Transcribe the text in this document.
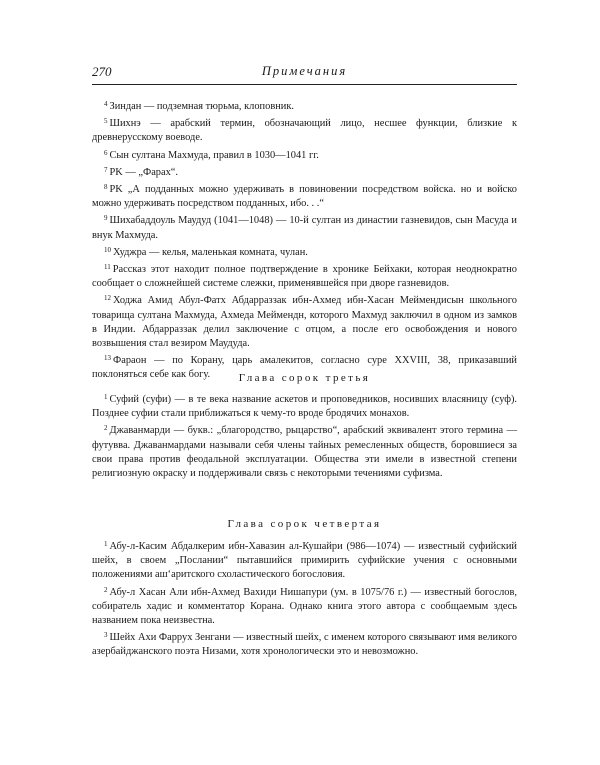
270	Примечания

$^4$ Зиндан — подземная тюрьма, клоповник.

$^5$ Шихнэ — арабский термин, обозначающий лицо, несшее функции, близкие к древнерусскому воеводе.

$^6$ Сын султана Махмуда, правил в 1030—1041 гг.

$^7$ PK — „Фарах“.

$^8$ PK „А подданных можно удерживать в повиновении посредством войска. но и войско можно удерживать посредством подданных, ибо. . .“

$^9$ Шихабаддоуль Маудуд (1041—1048) — 10-й султан из династии газневидов, сын Масуда и внук Махмуда.

$^{10}$ Худжра — келья, маленькая комната, чулан.

$^{11}$ Рассказ этот находит полное подтверждение в хронике Бейхаки, которая неоднократно сообщает о сложнейшей системе слежки, применявшейся при дворе газневидов.

$^{12}$ Ходжа Амид Абул-Фатх Абдарраззак ибн-Ахмед ибн-Хасан Меймендисын школьного товарища султана Махмуда, Ахмеда Меймендн, которого Махмуд заключил в одном из замков в Индии. Абдарраззак делил заключение с отцом, а после его освобождения и нового возвышения стал везиром Маудуда.

$^{13}$ Фараон — по Корану, царь амалекитов, согласно суре XXVIII, 38, приказавший поклоняться себе как богу.	Глава сорок третья

$^1$ Суфий (суфи) — в те века название аскетов и проповедников, носивших власяницу (суф). Позднее суфии стали приближаться к чему-то вроде бродячих монахов.

$^2$ Джаванмарди — букв.: „благородство, рыцарство“, арабский эквивалент этого термина — футувва. Джаванмардами называли себя члены тайных ремесленных обществ, боровшиеся за свои права против феодальной эксплуатации. Общества эти имели в известной степени религиозную окраску и поддерживали связь с некоторыми течениями суфизма.

Глава сорок четвертая

$^1$ Абу-л-Касим Абдалкерим ибн-Хавазин ал-Кушайри (986—1074) — известный суфийский шейх, в своем „Послании“ пытавшийся примирить суфийские учения с основными положениями ашʻаритского схоластического богословия.

$^2$ Абу-л Хасан Али ибн-Ахмед Вахиди Нишапури (ум. в 1075/76 г.) — известный богослов, собиратель хадис и комментатор Корана. Однако книга этого автора с сообщаемым здесь названием пока неизвестна.

$^3$ Шейх Ахи Фаррух Зенгани — известный шейх, с именем которого связывают имя великого азербайджанского поэта Низами, хотя хронологически это и невозможно.
